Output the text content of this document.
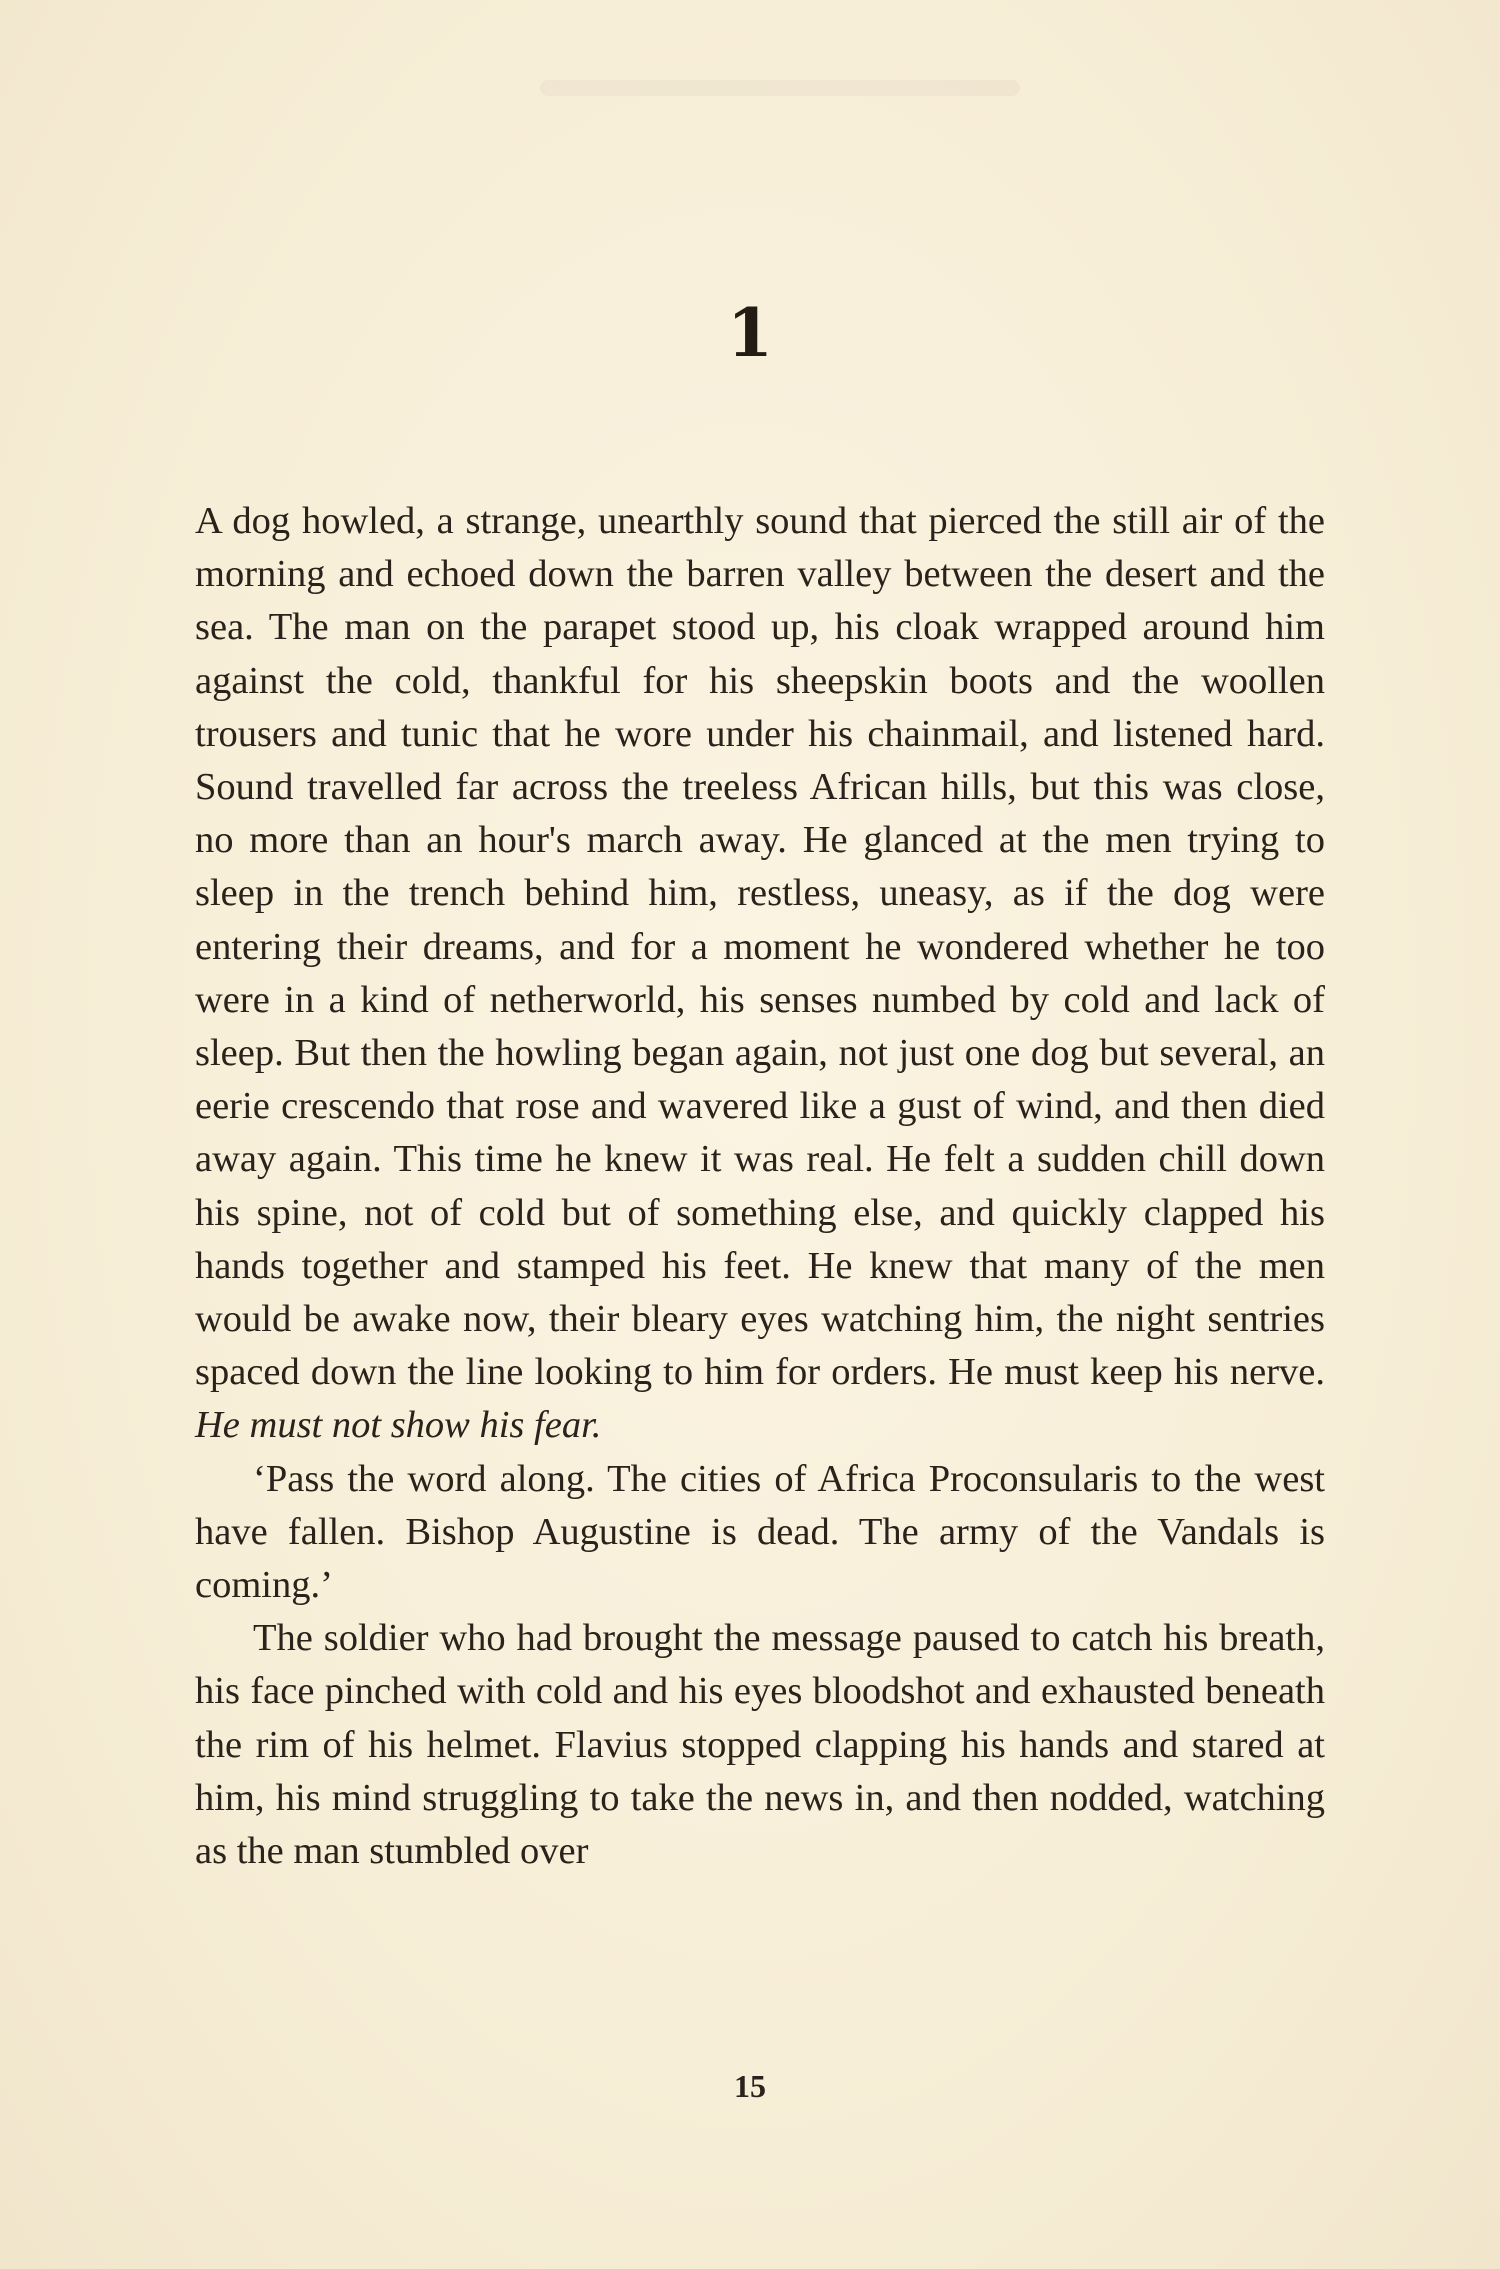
1

A dog howled, a strange, unearthly sound that pierced the still air of the morning and echoed down the barren valley between the desert and the sea. The man on the parapet stood up, his cloak wrapped around him against the cold, thankful for his sheepskin boots and the woollen trousers and tunic that he wore under his chainmail, and listened hard. Sound travelled far across the treeless African hills, but this was close, no more than an hour's march away. He glanced at the men trying to sleep in the trench behind him, restless, uneasy, as if the dog were entering their dreams, and for a moment he wondered whether he too were in a kind of netherworld, his senses numbed by cold and lack of sleep. But then the howling began again, not just one dog but several, an eerie crescendo that rose and wavered like a gust of wind, and then died away again. This time he knew it was real. He felt a sudden chill down his spine, not of cold but of something else, and quickly clapped his hands together and stamped his feet. He knew that many of the men would be awake now, their bleary eyes watching him, the night sentries spaced down the line looking to him for orders. He must keep his nerve. He must not show his fear.

‘Pass the word along. The cities of Africa Proconsularis to the west have fallen. Bishop Augustine is dead. The army of the Vandals is coming.’

The soldier who had brought the message paused to catch his breath, his face pinched with cold and his eyes bloodshot and exhausted beneath the rim of his helmet. Flavius stopped clapping his hands and stared at him, his mind struggling to take the news in, and then nodded, watching as the man stumbled over

15
